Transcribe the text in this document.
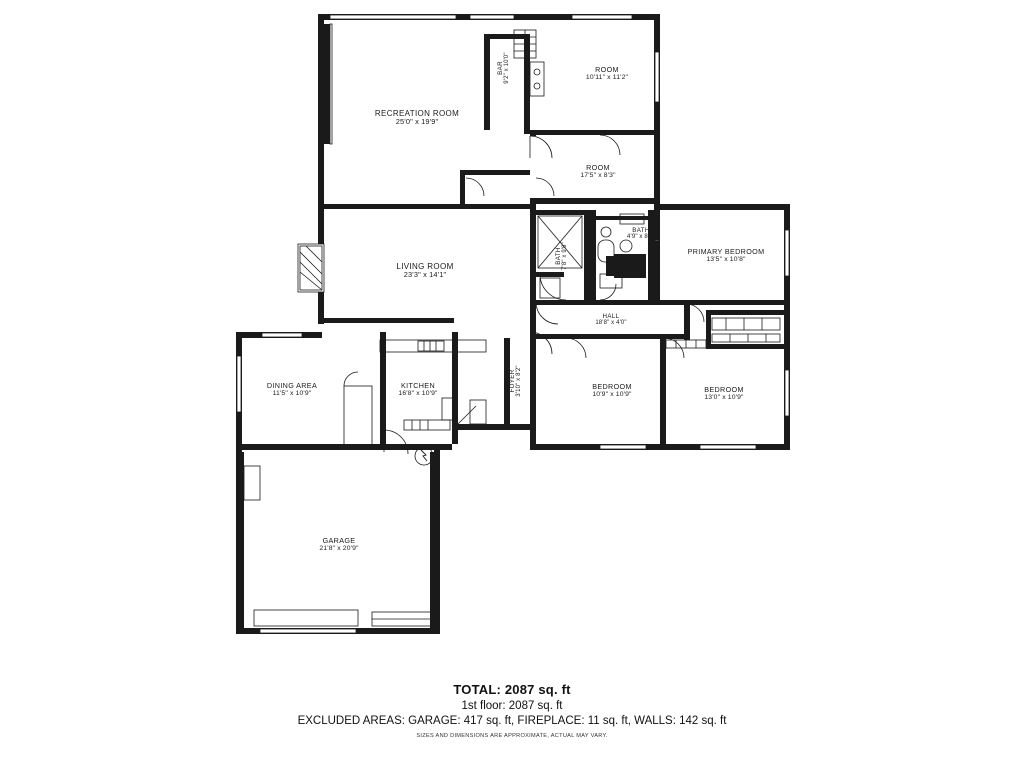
RECREATION ROOM
25'0" x 19'9"
BAR 9'2" x 10'0"	ROOM
10'11" x 11'2"
ROOM
17'5" x 8'3"
BATH 7'8" x 9'9"
BATH
4'9" x 8'0"
PRIMARY BEDROOM
13'5" x 10'8"
LIVING ROOM
23'3" x 14'1"
HALL
18'8" x 4'0"
DINING AREA
11'5" x 10'9"
KITCHEN
16'8" x 10'9"
FOYER 3'10" x 8'2"	BEDROOM
10'9" x 10'9"
BEDROOM
13'0" x 10'9"
GARAGE
21'8" x 20'9"
TOTAL: 2087 sq. ft
1st floor: 2087 sq. ft
EXCLUDED AREAS: GARAGE: 417 sq. ft, FIREPLACE: 11 sq. ft, WALLS: 142 sq. ft
SIZES AND DIMENSIONS ARE APPROXIMATE, ACTUAL MAY VARY.
